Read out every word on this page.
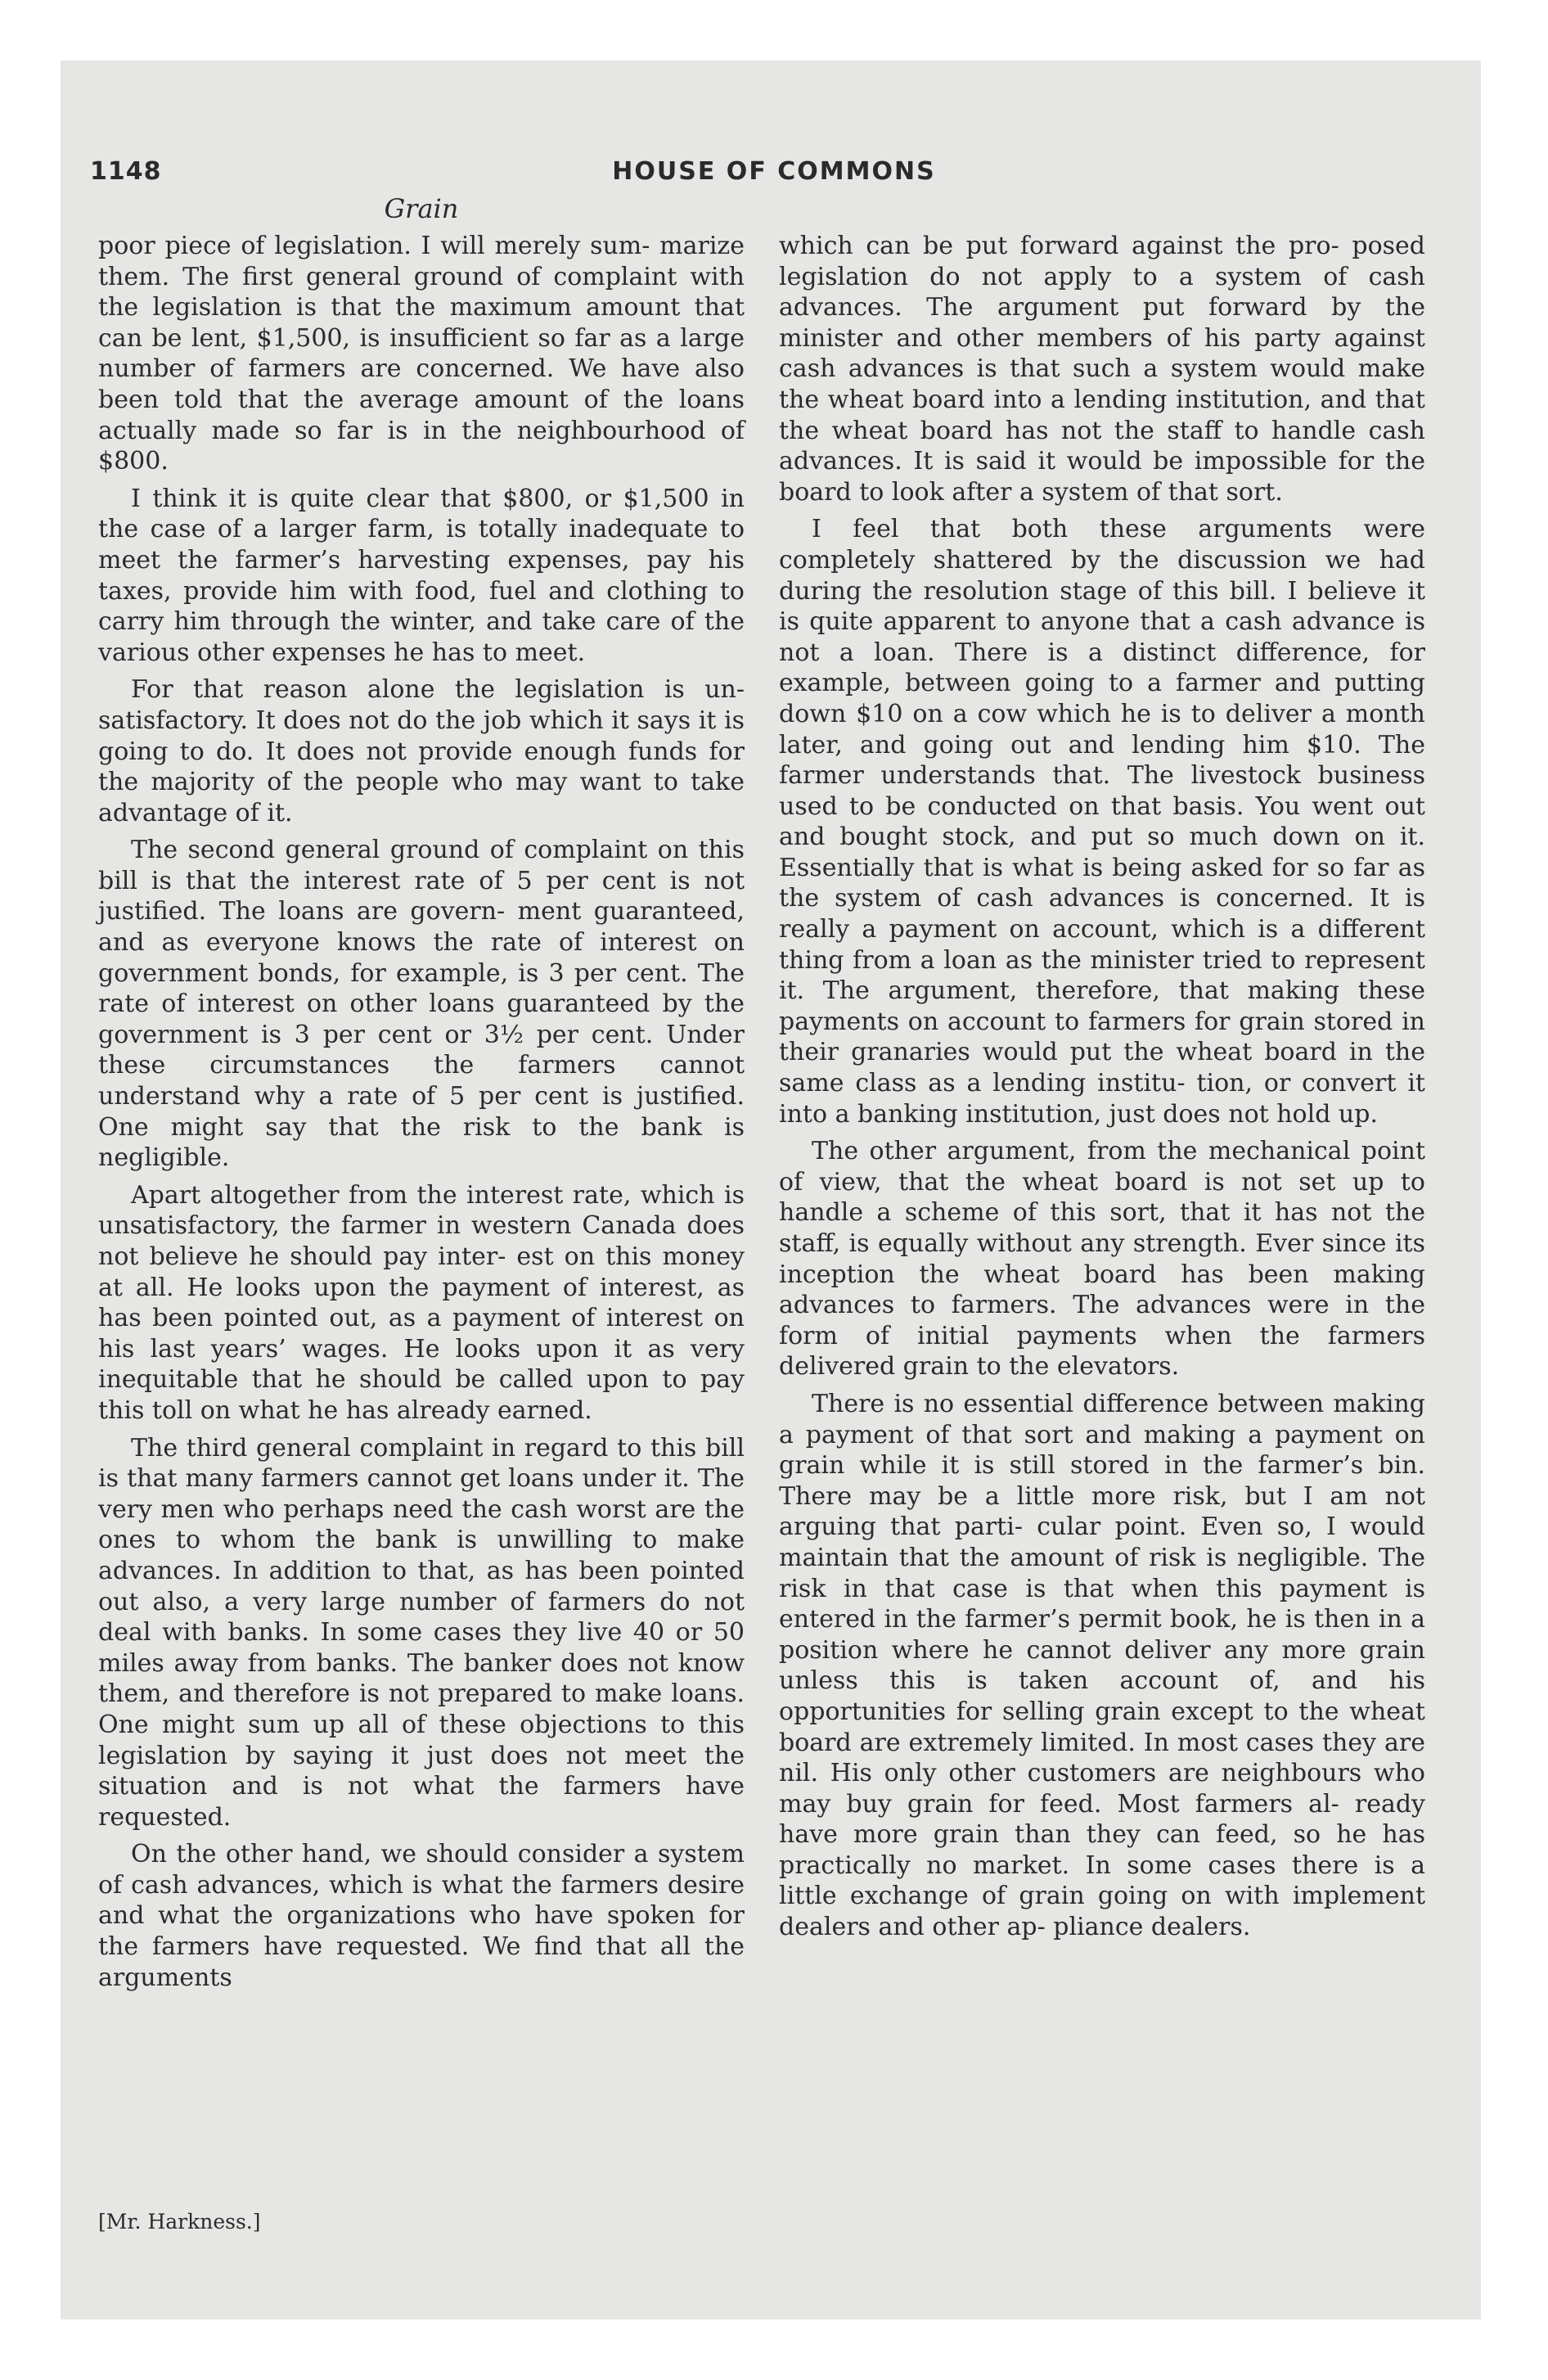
1148	HOUSE OF COMMONS
Grain

poor piece of legislation. I will merely sum- marize them. The first general ground of complaint with the legislation is that the maximum amount that can be lent, $1,500, is insufficient so far as a large number of farmers are concerned. We have also been told that the average amount of the loans actually made so far is in the neighbourhood of $800.

I think it is quite clear that $800, or $1,500 in the case of a larger farm, is totally inadequate to meet the farmer’s harvesting expenses, pay his taxes, provide him with food, fuel and clothing to carry him through the winter, and take care of the various other expenses he has to meet.

For that reason alone the legislation is un- satisfactory. It does not do the job which it says it is going to do. It does not provide enough funds for the majority of the people who may want to take advantage of it.

The second general ground of complaint on this bill is that the interest rate of 5 per cent is not justified. The loans are govern- ment guaranteed, and as everyone knows the rate of interest on government bonds, for example, is 3 per cent. The rate of interest on other loans guaranteed by the government is 3 per cent or 3½ per cent. Under these circumstances the farmers cannot understand why a rate of 5 per cent is justified. One might say that the risk to the bank is negligible.

Apart altogether from the interest rate, which is unsatisfactory, the farmer in western Canada does not believe he should pay inter- est on this money at all. He looks upon the payment of interest, as has been pointed out, as a payment of interest on his last years’ wages. He looks upon it as very inequitable that he should be called upon to pay this toll on what he has already earned.

The third general complaint in regard to this bill is that many farmers cannot get loans under it. The very men who perhaps need the cash worst are the ones to whom the bank is unwilling to make advances. In addition to that, as has been pointed out also, a very large number of farmers do not deal with banks. In some cases they live 40 or 50 miles away from banks. The banker does not know them, and therefore is not prepared to make loans. One might sum up all of these objections to this legislation by saying it just does not meet the situation and is not what the farmers have requested.

On the other hand, we should consider a system of cash advances, which is what the farmers desire and what the organizations who have spoken for the farmers have requested. We find that all the arguments

which can be put forward against the pro- posed legislation do not apply to a system of cash advances. The argument put forward by the minister and other members of his party against cash advances is that such a system would make the wheat board into a lending institution, and that the wheat board has not the staff to handle cash advances. It is said it would be impossible for the board to look after a system of that sort.

I feel that both these arguments were completely shattered by the discussion we had during the resolution stage of this bill. I believe it is quite apparent to anyone that a cash advance is not a loan. There is a distinct difference, for example, between going to a farmer and putting down $10 on a cow which he is to deliver a month later, and going out and lending him $10. The farmer understands that. The livestock business used to be conducted on that basis. You went out and bought stock, and put so much down on it. Essentially that is what is being asked for so far as the system of cash advances is concerned. It is really a payment on account, which is a different thing from a loan as the minister tried to represent it. The argument, therefore, that making these payments on account to farmers for grain stored in their granaries would put the wheat board in the same class as a lending institu- tion, or convert it into a banking institution, just does not hold up.

The other argument, from the mechanical point of view, that the wheat board is not set up to handle a scheme of this sort, that it has not the staff, is equally without any strength. Ever since its inception the wheat board has been making advances to farmers. The advances were in the form of initial payments when the farmers delivered grain to the elevators.

There is no essential difference between making a payment of that sort and making a payment on grain while it is still stored in the farmer’s bin. There may be a little more risk, but I am not arguing that parti- cular point. Even so, I would maintain that the amount of risk is negligible. The risk in that case is that when this payment is entered in the farmer’s permit book, he is then in a position where he cannot deliver any more grain unless this is taken account of, and his opportunities for selling grain except to the wheat board are extremely limited. In most cases they are nil. His only other customers are neighbours who may buy grain for feed. Most farmers al- ready have more grain than they can feed, so he has practically no market. In some cases there is a little exchange of grain going on with implement dealers and other ap- pliance dealers.

[Mr. Harkness.]
